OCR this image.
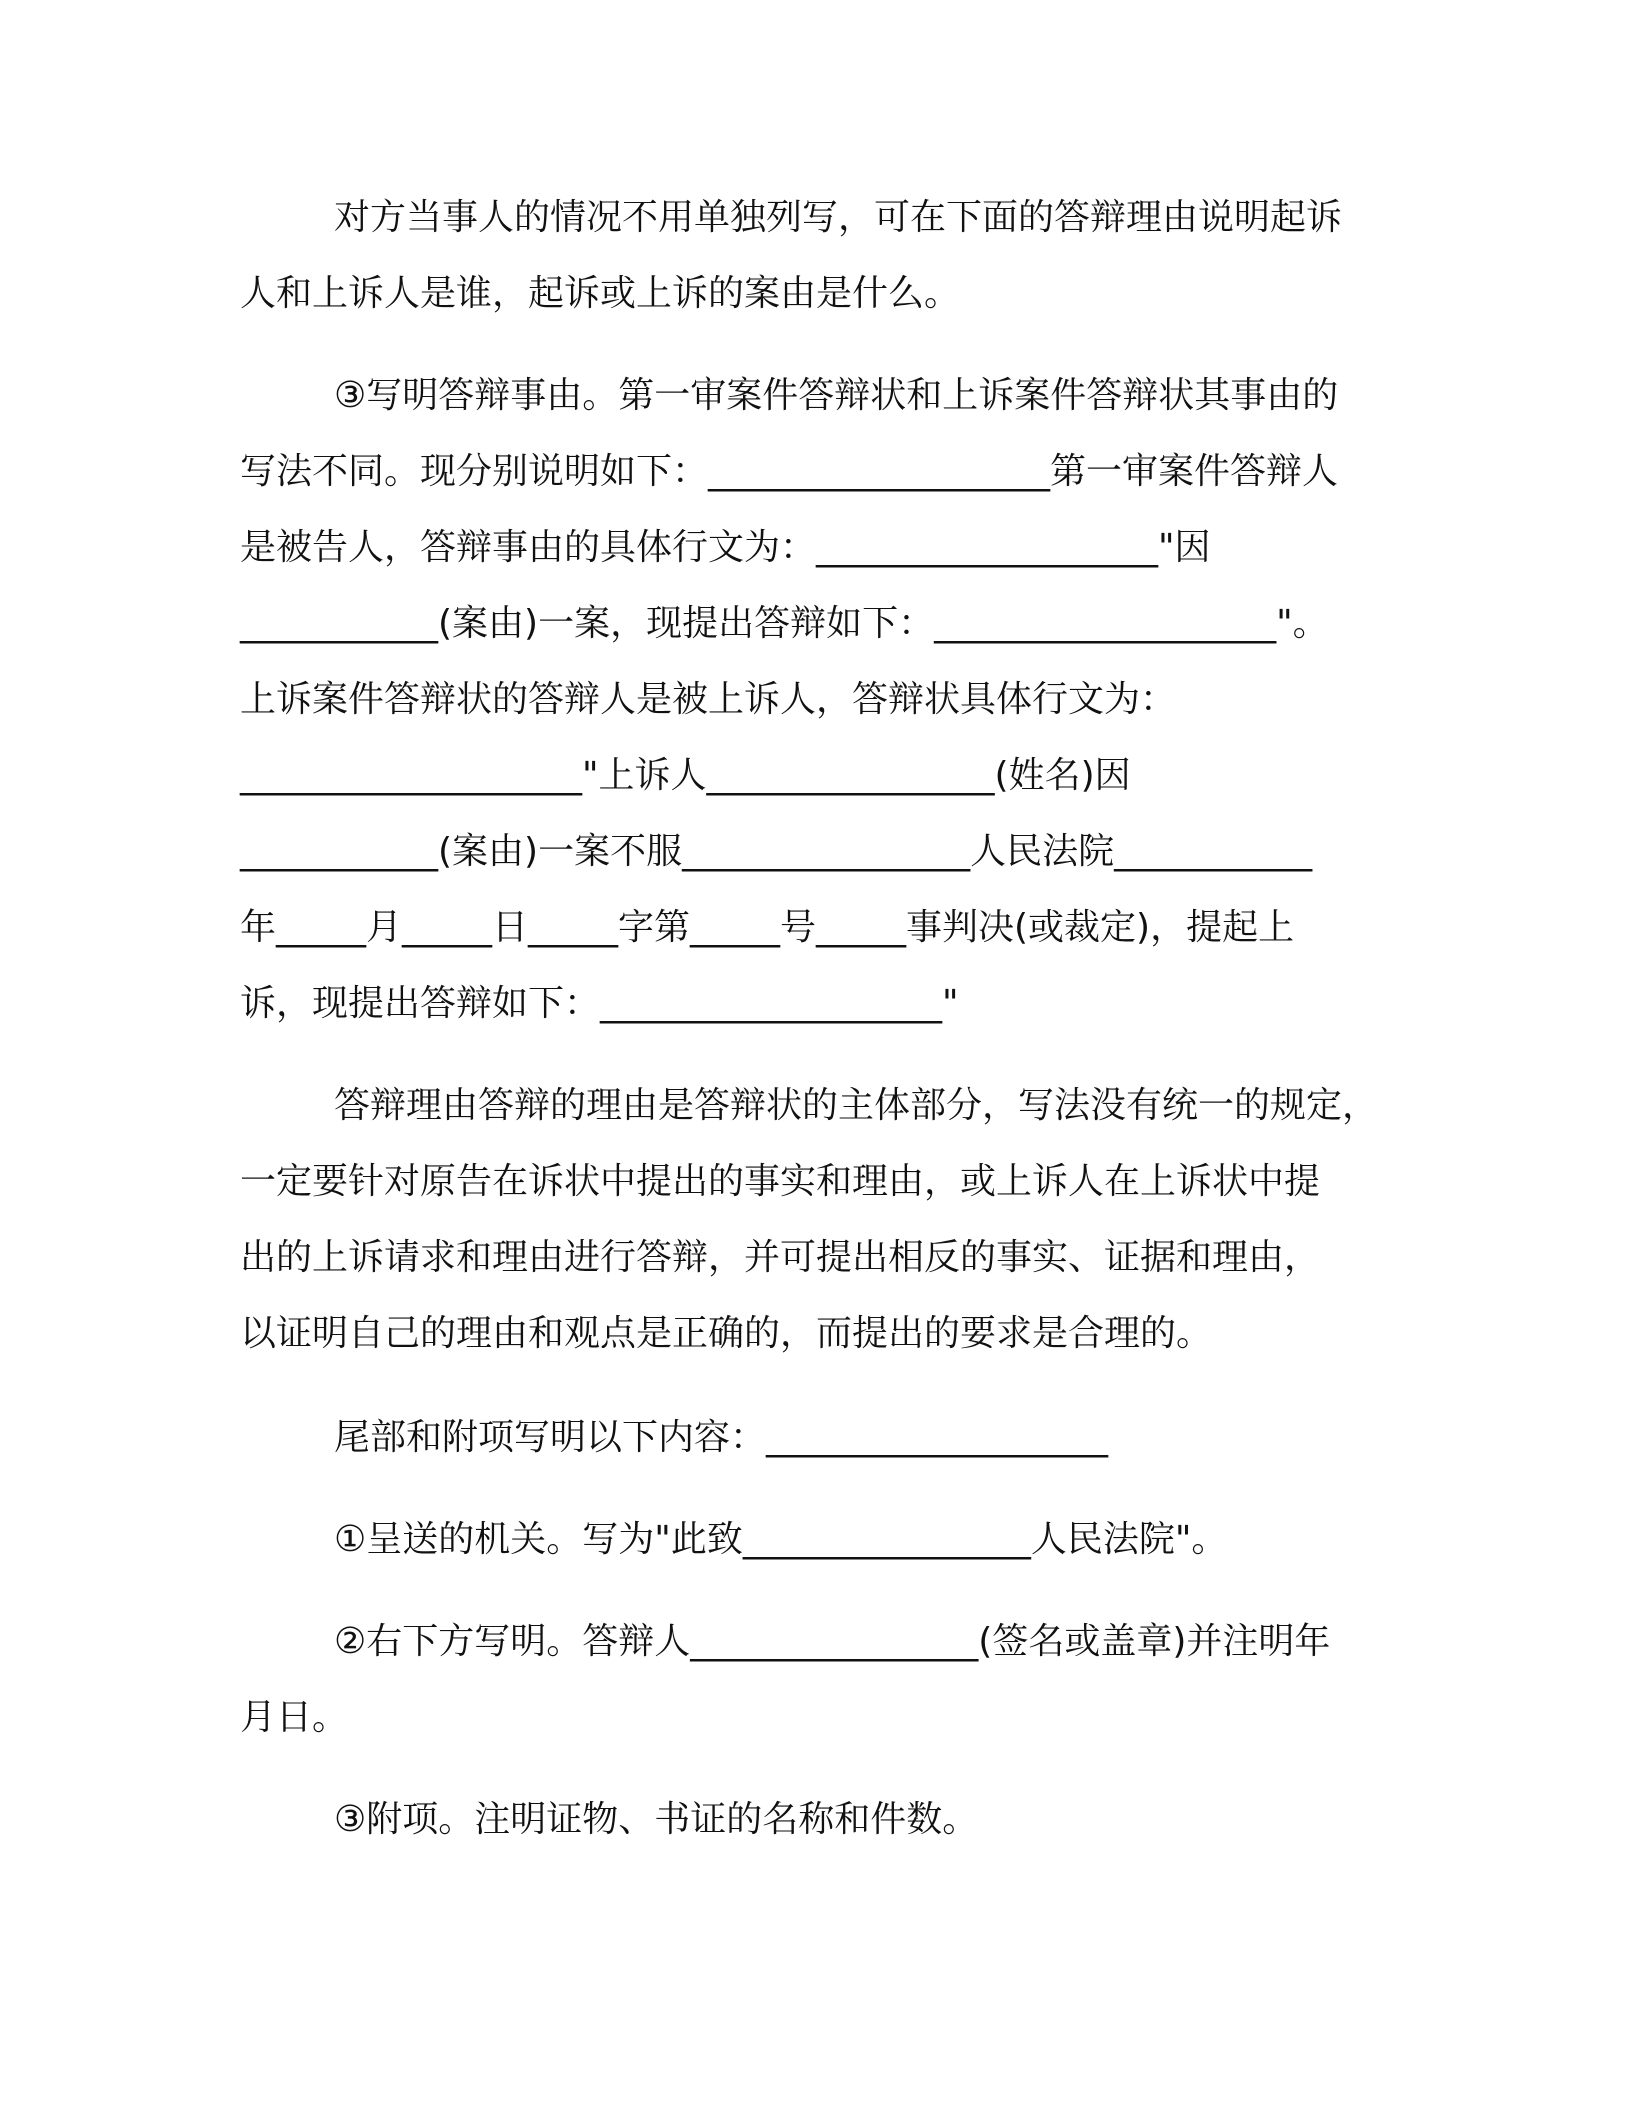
对方当事人的情况不用单独列写，可在下面的答辩理由说明起诉
人和上诉人是谁，起诉或上诉的案由是什么。
③写明答辩事由。第一审案件答辩状和上诉案件答辩状其事由的
写法不同。现分别说明如下：___________________第一审案件答辩人
是被告人，答辩事由的具体行文为：___________________"因
___________(案由)一案，现提出答辩如下：___________________"。
上诉案件答辩状的答辩人是被上诉人，答辩状具体行文为：
___________________"上诉人________________(姓名)因
___________(案由)一案不服________________人民法院___________
年_____月_____日_____字第_____号_____事判决(或裁定)，提起上
诉，现提出答辩如下：___________________"
答辩理由答辩的理由是答辩状的主体部分，写法没有统一的规定，
一定要针对原告在诉状中提出的事实和理由，或上诉人在上诉状中提
出的上诉请求和理由进行答辩，并可提出相反的事实、证据和理由，
以证明自己的理由和观点是正确的，而提出的要求是合理的。
尾部和附项写明以下内容：___________________
①呈送的机关。写为"此致________________人民法院"。
②右下方写明。答辩人________________(签名或盖章)并注明年
月日。
③附项。注明证物、书证的名称和件数。
